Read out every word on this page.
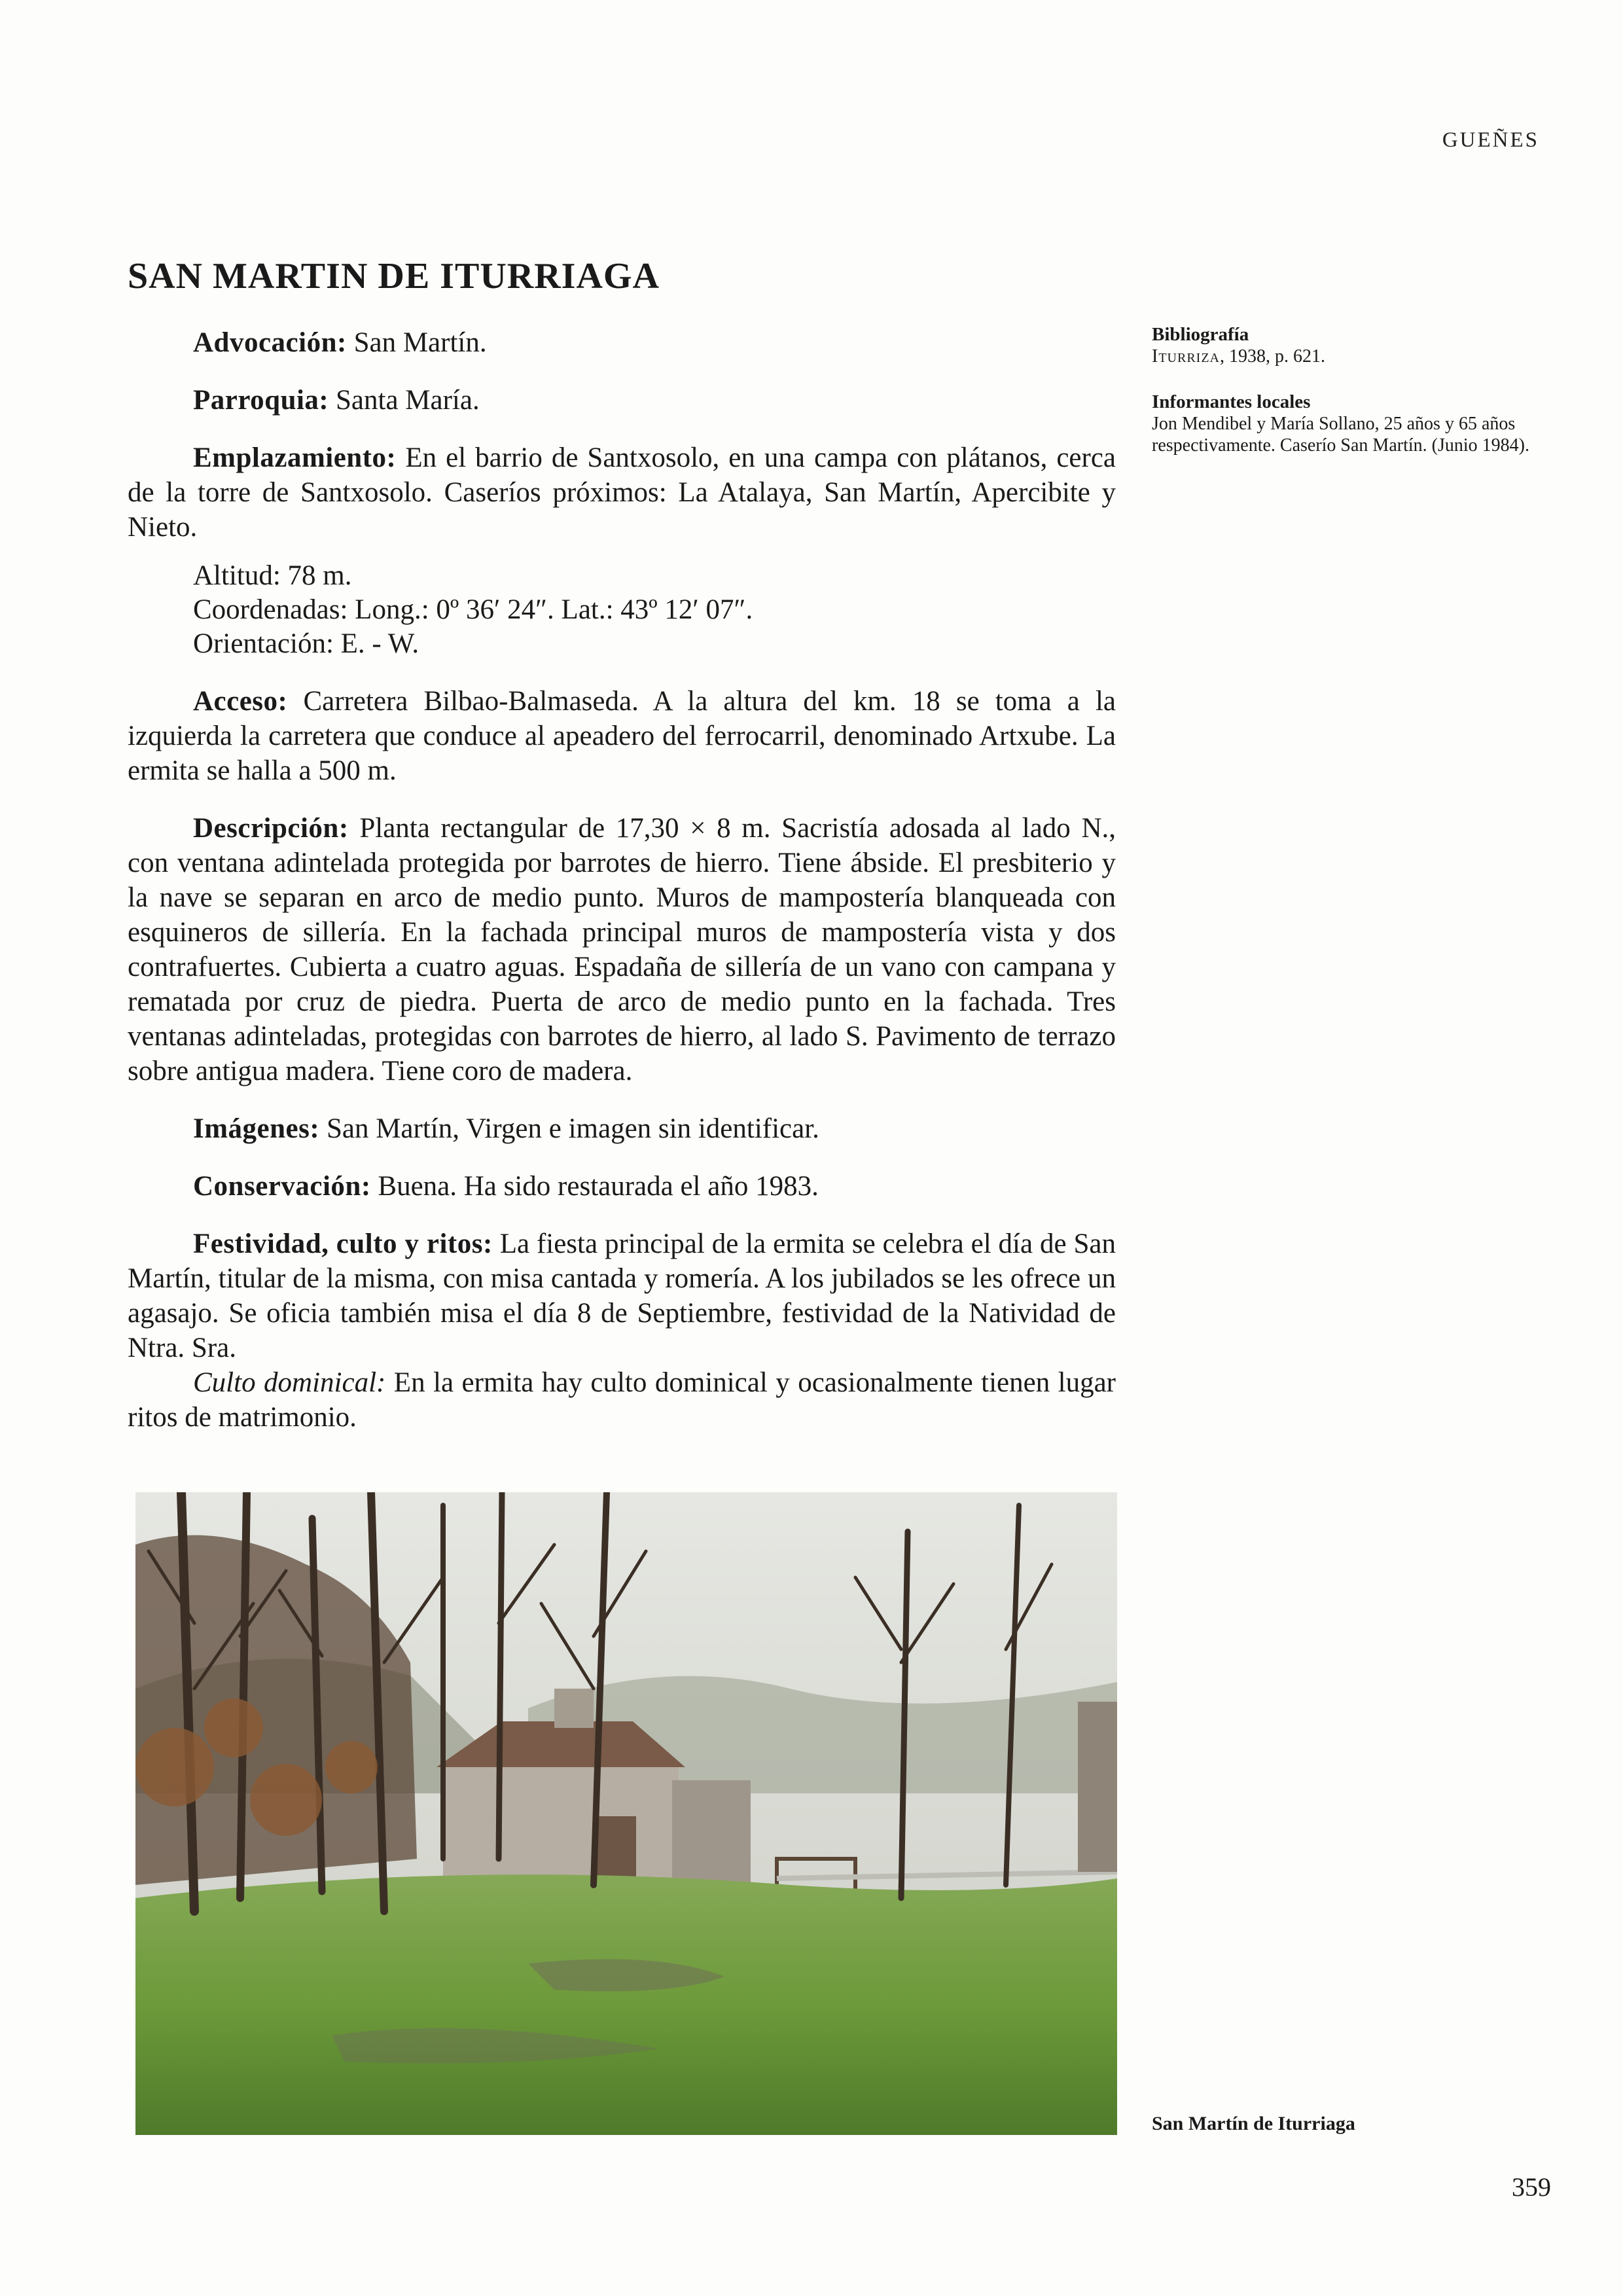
GUEÑES
SAN MARTIN DE ITURRIAGA

Advocación: San Martín.

Parroquia: Santa María.

Emplazamiento: En el barrio de Santxosolo, en una campa con plátanos, cerca de la torre de Santxosolo. Caseríos próximos: La Atalaya, San Martín, Apercibite y Nieto.

Altitud: 78 m.
Coordenadas: Long.: 0º 36′ 24″. Lat.: 43º 12′ 07″.
Orientación: E. - W.

Acceso: Carretera Bilbao-Balmaseda. A la altura del km. 18 se toma a la izquierda la carretera que conduce al apeadero del ferrocarril, denominado Artxube. La ermita se halla a 500 m.

Descripción: Planta rectangular de 17,30 × 8 m. Sacristía adosada al lado N., con ventana adintelada protegida por barrotes de hierro. Tiene ábside. El presbiterio y la nave se separan en arco de medio punto. Muros de mampostería blanqueada con esquineros de sillería. En la fachada principal muros de mampostería vista y dos contrafuertes. Cubierta a cuatro aguas. Espadaña de sillería de un vano con campana y rematada por cruz de piedra. Puerta de arco de medio punto en la fachada. Tres ventanas adinteladas, protegidas con barrotes de hierro, al lado S. Pavimento de terrazo sobre antigua madera. Tiene coro de madera.

Imágenes: San Martín, Virgen e imagen sin identificar.

Conservación: Buena. Ha sido restaurada el año 1983.

Festividad, culto y ritos: La fiesta principal de la ermita se celebra el día de San Martín, titular de la misma, con misa cantada y romería. A los jubilados se les ofrece un agasajo. Se oficia también misa el día 8 de Septiembre, festividad de la Natividad de Ntra. Sra.

Culto dominical: En la ermita hay culto dominical y ocasionalmente tienen lugar ritos de matrimonio.

Bibliografía
Iturriza, 1938, p. 621.
Informantes locales
Jon Mendibel y María Sollano, 25 años y 65 años respectivamente. Caserío San Martín. (Junio 1984).
San Martín de Iturriaga
359
